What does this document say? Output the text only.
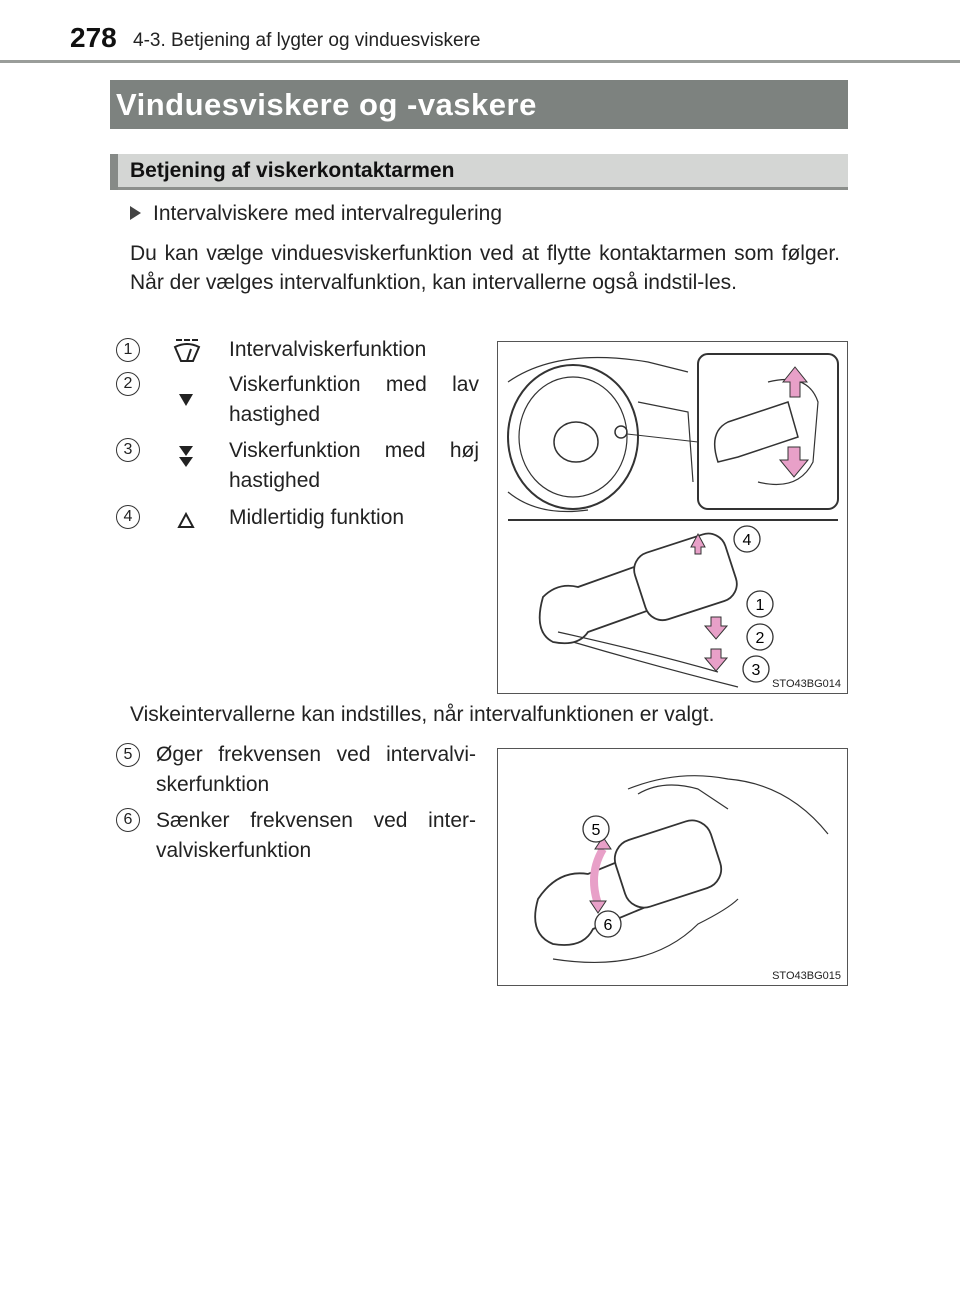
278 4-3. Betjening af lygter og vinduesviskere
Vinduesviskere og -vaskere
Betjening af viskerkontaktarmen
Intervalviskere med intervalregulering
Du kan vælge vinduesviskerfunktion ved at flytte kontaktarmen som følger. Når der vælges intervalfunktion, kan intervallerne også indstil-les.
1	Intervalviskerfunktion
2	Viskerfunktion med lav hastighed
3	Viskerfunktion med høj hastighed
4	Midlertidig funktion
4
1
2
3
STO43BG014
Viskeintervallerne kan indstilles, når intervalfunktionen er valgt.
5	Øger frekvensen ved intervalvi-skerfunktion
6	Sænker frekvensen ved inter-valviskerfunktion
5
6
STO43BG015
